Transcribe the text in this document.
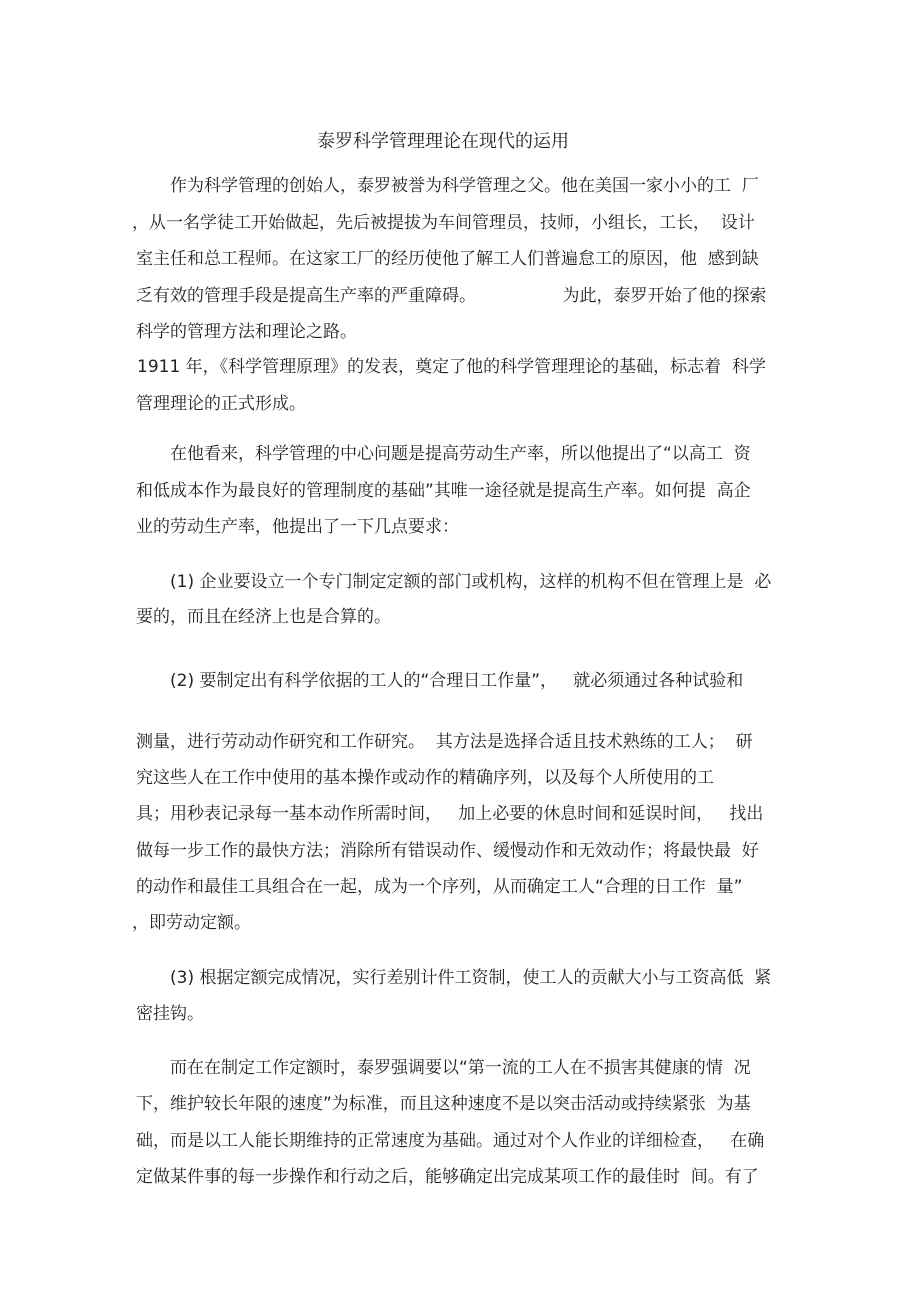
泰罗科学管理理论在现代的运用

作为科学管理的创始人，泰罗被誉为科学管理之父。他在美国一家小小的工  厂

，从一名学徒工开始做起，先后被提拔为车间管理员，技师，小组长，工长，  设计

室主任和总工程师。在这家工厂的经历使他了解工人们普遍怠工的原因，他  感到缺

乏有效的管理手段是提高生产率的严重障碍。                为此，泰罗开始了他的探索

科学的管理方法和理论之路。

1911 年，《科学管理原理》的发表，奠定了他的科学管理理论的基础，标志着  科学

管理理论的正式形成。

在他看来，科学管理的中心问题是提高劳动生产率，所以他提出了“以高工  资

和低成本作为最良好的管理制度的基础”其唯一途径就是提高生产率。如何提  高企

业的劳动生产率，他提出了一下几点要求：

(1) 企业要设立一个专门制定定额的部门或机构，这样的机构不但在管理上是  必

要的，而且在经济上也是合算的。

(2) 要制定出有科学依据的工人的“合理日工作量”，   就必须通过各种试验和

测量，进行劳动动作研究和工作研究。  其方法是选择合适且技术熟练的工人；  研

究这些人在工作中使用的基本操作或动作的精确序列，以及每个人所使用的工

具；用秒表记录每一基本动作所需时间，   加上必要的休息时间和延误时间，   找出

做每一步工作的最快方法；消除所有错误动作、缓慢动作和无效动作；将最快最  好

的动作和最佳工具组合在一起，成为一个序列，从而确定工人“合理的日工作  量”

，即劳动定额。

(3) 根据定额完成情况，实行差别计件工资制，使工人的贡献大小与工资高低  紧

密挂钩。

而在在制定工作定额时，泰罗强调要以“第一流的工人在不损害其健康的情  况

下，维护较长年限的速度”为标准，而且这种速度不是以突击活动或持续紧张  为基

础，而是以工人能长期维持的正常速度为基础。通过对个人作业的详细检查，   在确

定做某件事的每一步操作和行动之后，能够确定出完成某项工作的最佳时  间。有了
